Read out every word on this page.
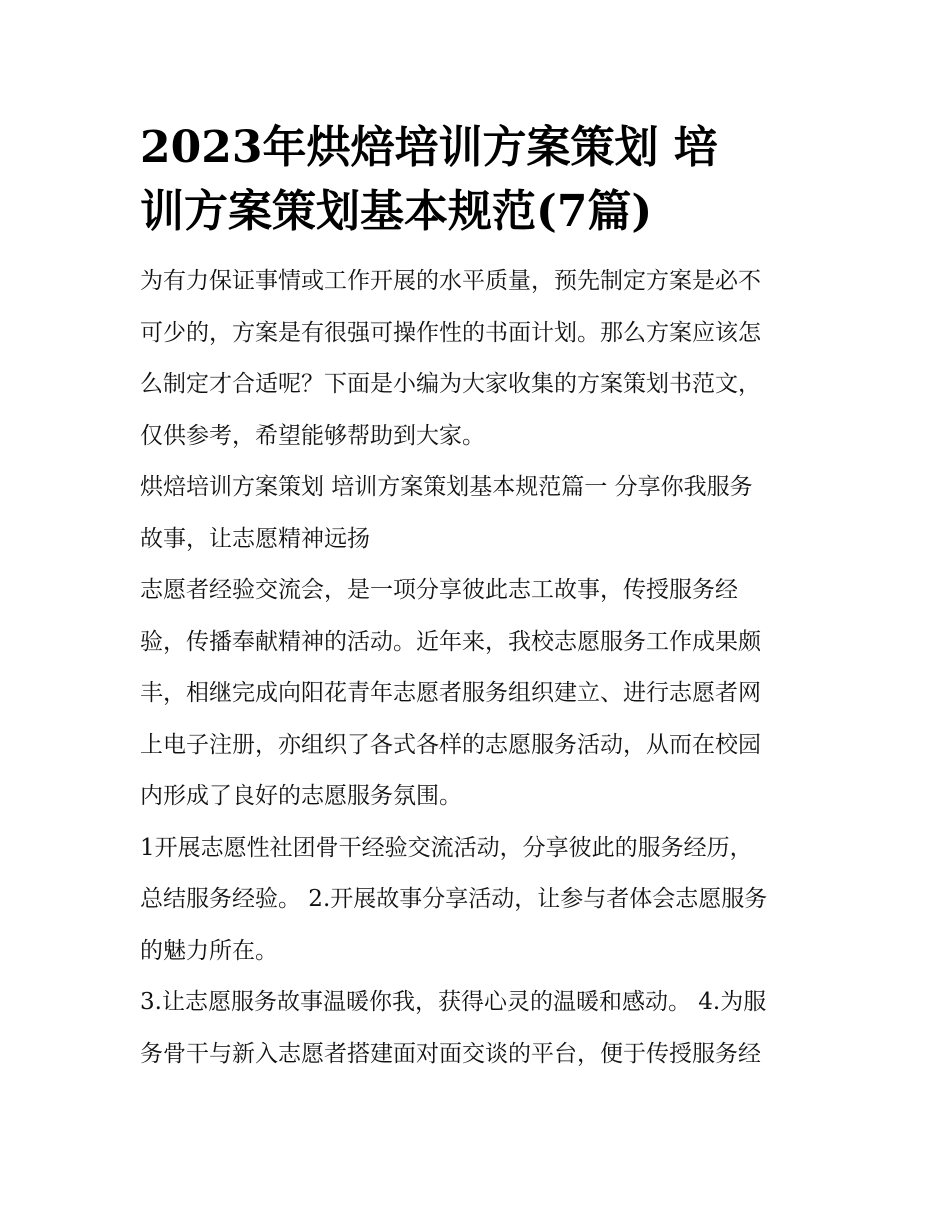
2023年烘焙培训方案策划 培
训方案策划基本规范(7篇)
为有力保证事情或工作开展的水平质量，预先制定方案是必不
可少的，方案是有很强可操作性的书面计划。那么方案应该怎
么制定才合适呢？下面是小编为大家收集的方案策划书范文，
仅供参考，希望能够帮助到大家。
烘焙培训方案策划 培训方案策划基本规范篇一 分享你我服务
故事，让志愿精神远扬
志愿者经验交流会，是一项分享彼此志工故事，传授服务经
验，传播奉献精神的活动。近年来，我校志愿服务工作成果颇
丰，相继完成向阳花青年志愿者服务组织建立、进行志愿者网
上电子注册，亦组织了各式各样的志愿服务活动，从而在校园
内形成了良好的志愿服务氛围。
1开展志愿性社团骨干经验交流活动，分享彼此的服务经历，
总结服务经验。 2.开展故事分享活动，让参与者体会志愿服务
的魅力所在。
3.让志愿服务故事温暖你我，获得心灵的温暖和感动。 4.为服
务骨干与新入志愿者搭建面对面交谈的平台，便于传授服务经
